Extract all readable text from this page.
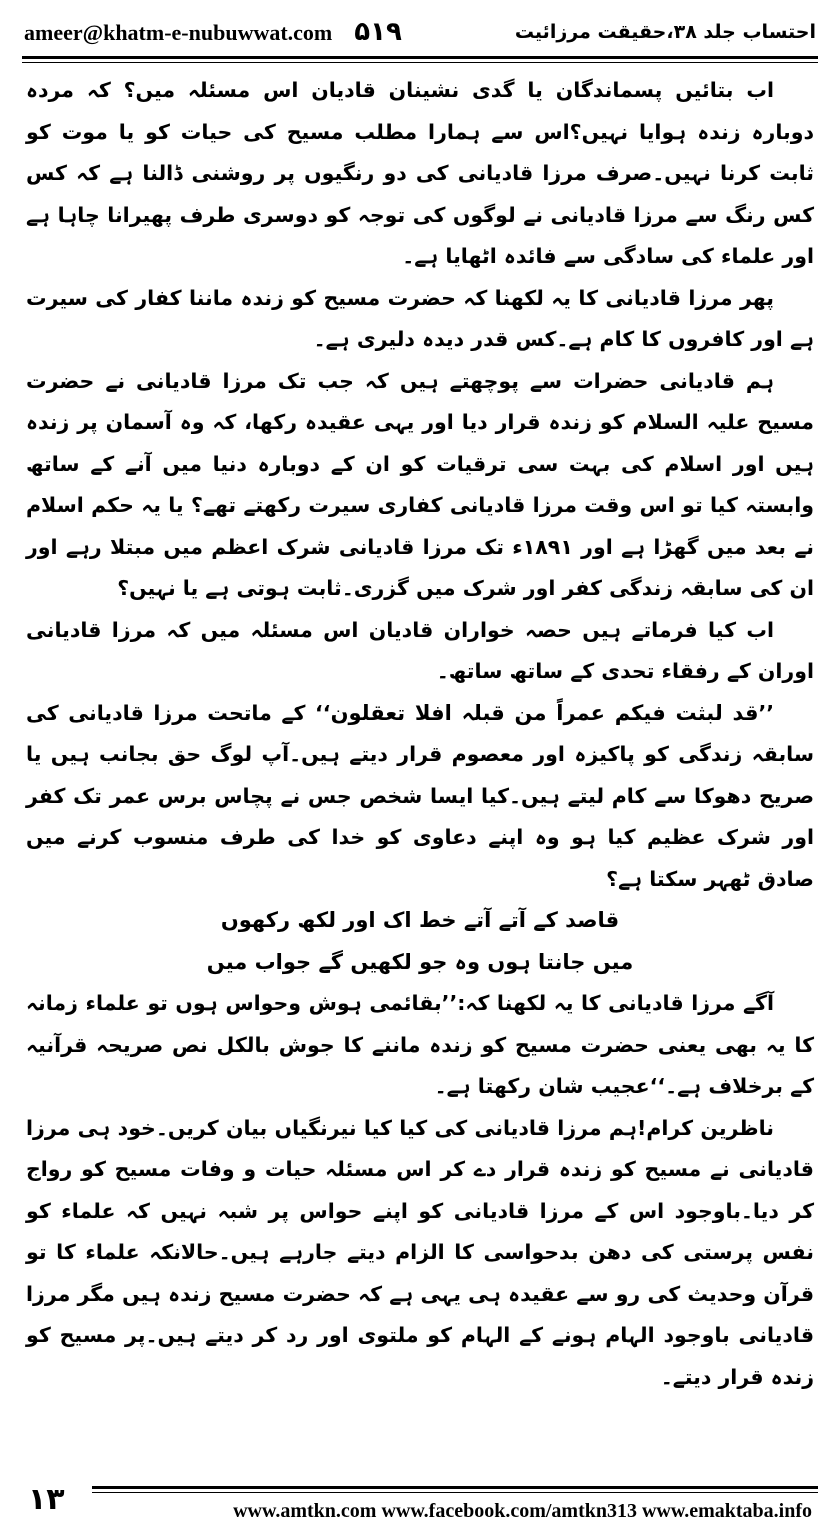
ameer@khatm-e-nubuwwat.com ۵۱۹	احتساب جلد ۳۸،حقیقت مرزائیت

اب بتائیں پسماندگان یا گدی نشینان قادیان اس مسئلہ میں؟ کہ مردہ دوبارہ زندہ ہوایا نہیں؟اس سے ہمارا مطلب مسیح کی حیات کو یا موت کو ثابت کرنا نہیں۔صرف مرزا قادیانی کی دو رنگیوں پر روشنی ڈالنا ہے کہ کس کس رنگ سے مرزا قادیانی نے لوگوں کی توجہ کو دوسری طرف پھیرانا چاہا ہے اور علماء کی سادگی سے فائدہ اٹھایا ہے۔

پھر مرزا قادیانی کا یہ لکھنا کہ حضرت مسیح کو زندہ ماننا کفار کی سیرت ہے اور کافروں کا کام ہے۔کس قدر دیدہ دلیری ہے۔

ہم قادیانی حضرات سے پوچھتے ہیں کہ جب تک مرزا قادیانی نے حضرت مسیح علیہ السلام کو زندہ قرار دیا اور یہی عقیدہ رکھا، کہ وہ آسمان پر زندہ ہیں اور اسلام کی بہت سی ترقیات کو ان کے دوبارہ دنیا میں آنے کے ساتھ وابستہ کیا تو اس وقت مرزا قادیانی کفاری سیرت رکھتے تھے؟ یا یہ حکم اسلام نے بعد میں گھڑا ہے اور ۱۸۹۱ء تک مرزا قادیانی شرک اعظم میں مبتلا رہے اور ان کی سابقہ زندگی کفر اور شرک میں گزری۔ثابت ہوتی ہے یا نہیں؟

اب کیا فرماتے ہیں حصہ خواران قادیان اس مسئلہ میں کہ مرزا قادیانی اوران کے رفقاء تحدی کے ساتھ ساتھ۔

’’قد لبثت فیکم عمراً من قبلہ افلا تعقلون‘‘ کے ماتحت مرزا قادیانی کی سابقہ زندگی کو پاکیزہ اور معصوم قرار دیتے ہیں۔آپ لوگ حق بجانب ہیں یا صریح دھوکا سے کام لیتے ہیں۔کیا ایسا شخص جس نے پچاس برس عمر تک کفر اور شرک عظیم کیا ہو وہ اپنے دعاوی کو خدا کی طرف منسوب کرنے میں صادق ٹھہر سکتا ہے؟

قاصد کے آتے آتے خط اک اور لکھ رکھوں

میں جانتا ہوں وہ جو لکھیں گے جواب میں

آگے مرزا قادیانی کا یہ لکھنا کہ:’’بقائمی ہوش وحواس ہوں تو علماء زمانہ کا یہ بھی یعنی حضرت مسیح کو زندہ ماننے کا جوش بالکل نص صریحہ قرآنیہ کے برخلاف ہے۔‘‘عجیب شان رکھتا ہے۔

ناظرین کرام!ہم مرزا قادیانی کی کیا کیا نیرنگیاں بیان کریں۔خود ہی مرزا قادیانی نے مسیح کو زندہ قرار دے کر اس مسئلہ حیات و وفات مسیح کو رواج کر دیا۔باوجود اس کے مرزا قادیانی کو اپنے حواس پر شبہ نہیں کہ علماء کو نفس پرستی کی دھن بدحواسی کا الزام دیتے جارہے ہیں۔حالانکہ علماء کا تو قرآن وحدیث کی رو سے عقیدہ ہی یہی ہے کہ حضرت مسیح زندہ ہیں مگر مرزا قادیانی باوجود الہام ہونے کے الہام کو ملتوی اور رد کر دیتے ہیں۔پر مسیح کو زندہ قرار دیتے۔

۱۳	www.amtkn.com www.facebook.com/amtkn313 www.emaktaba.info
